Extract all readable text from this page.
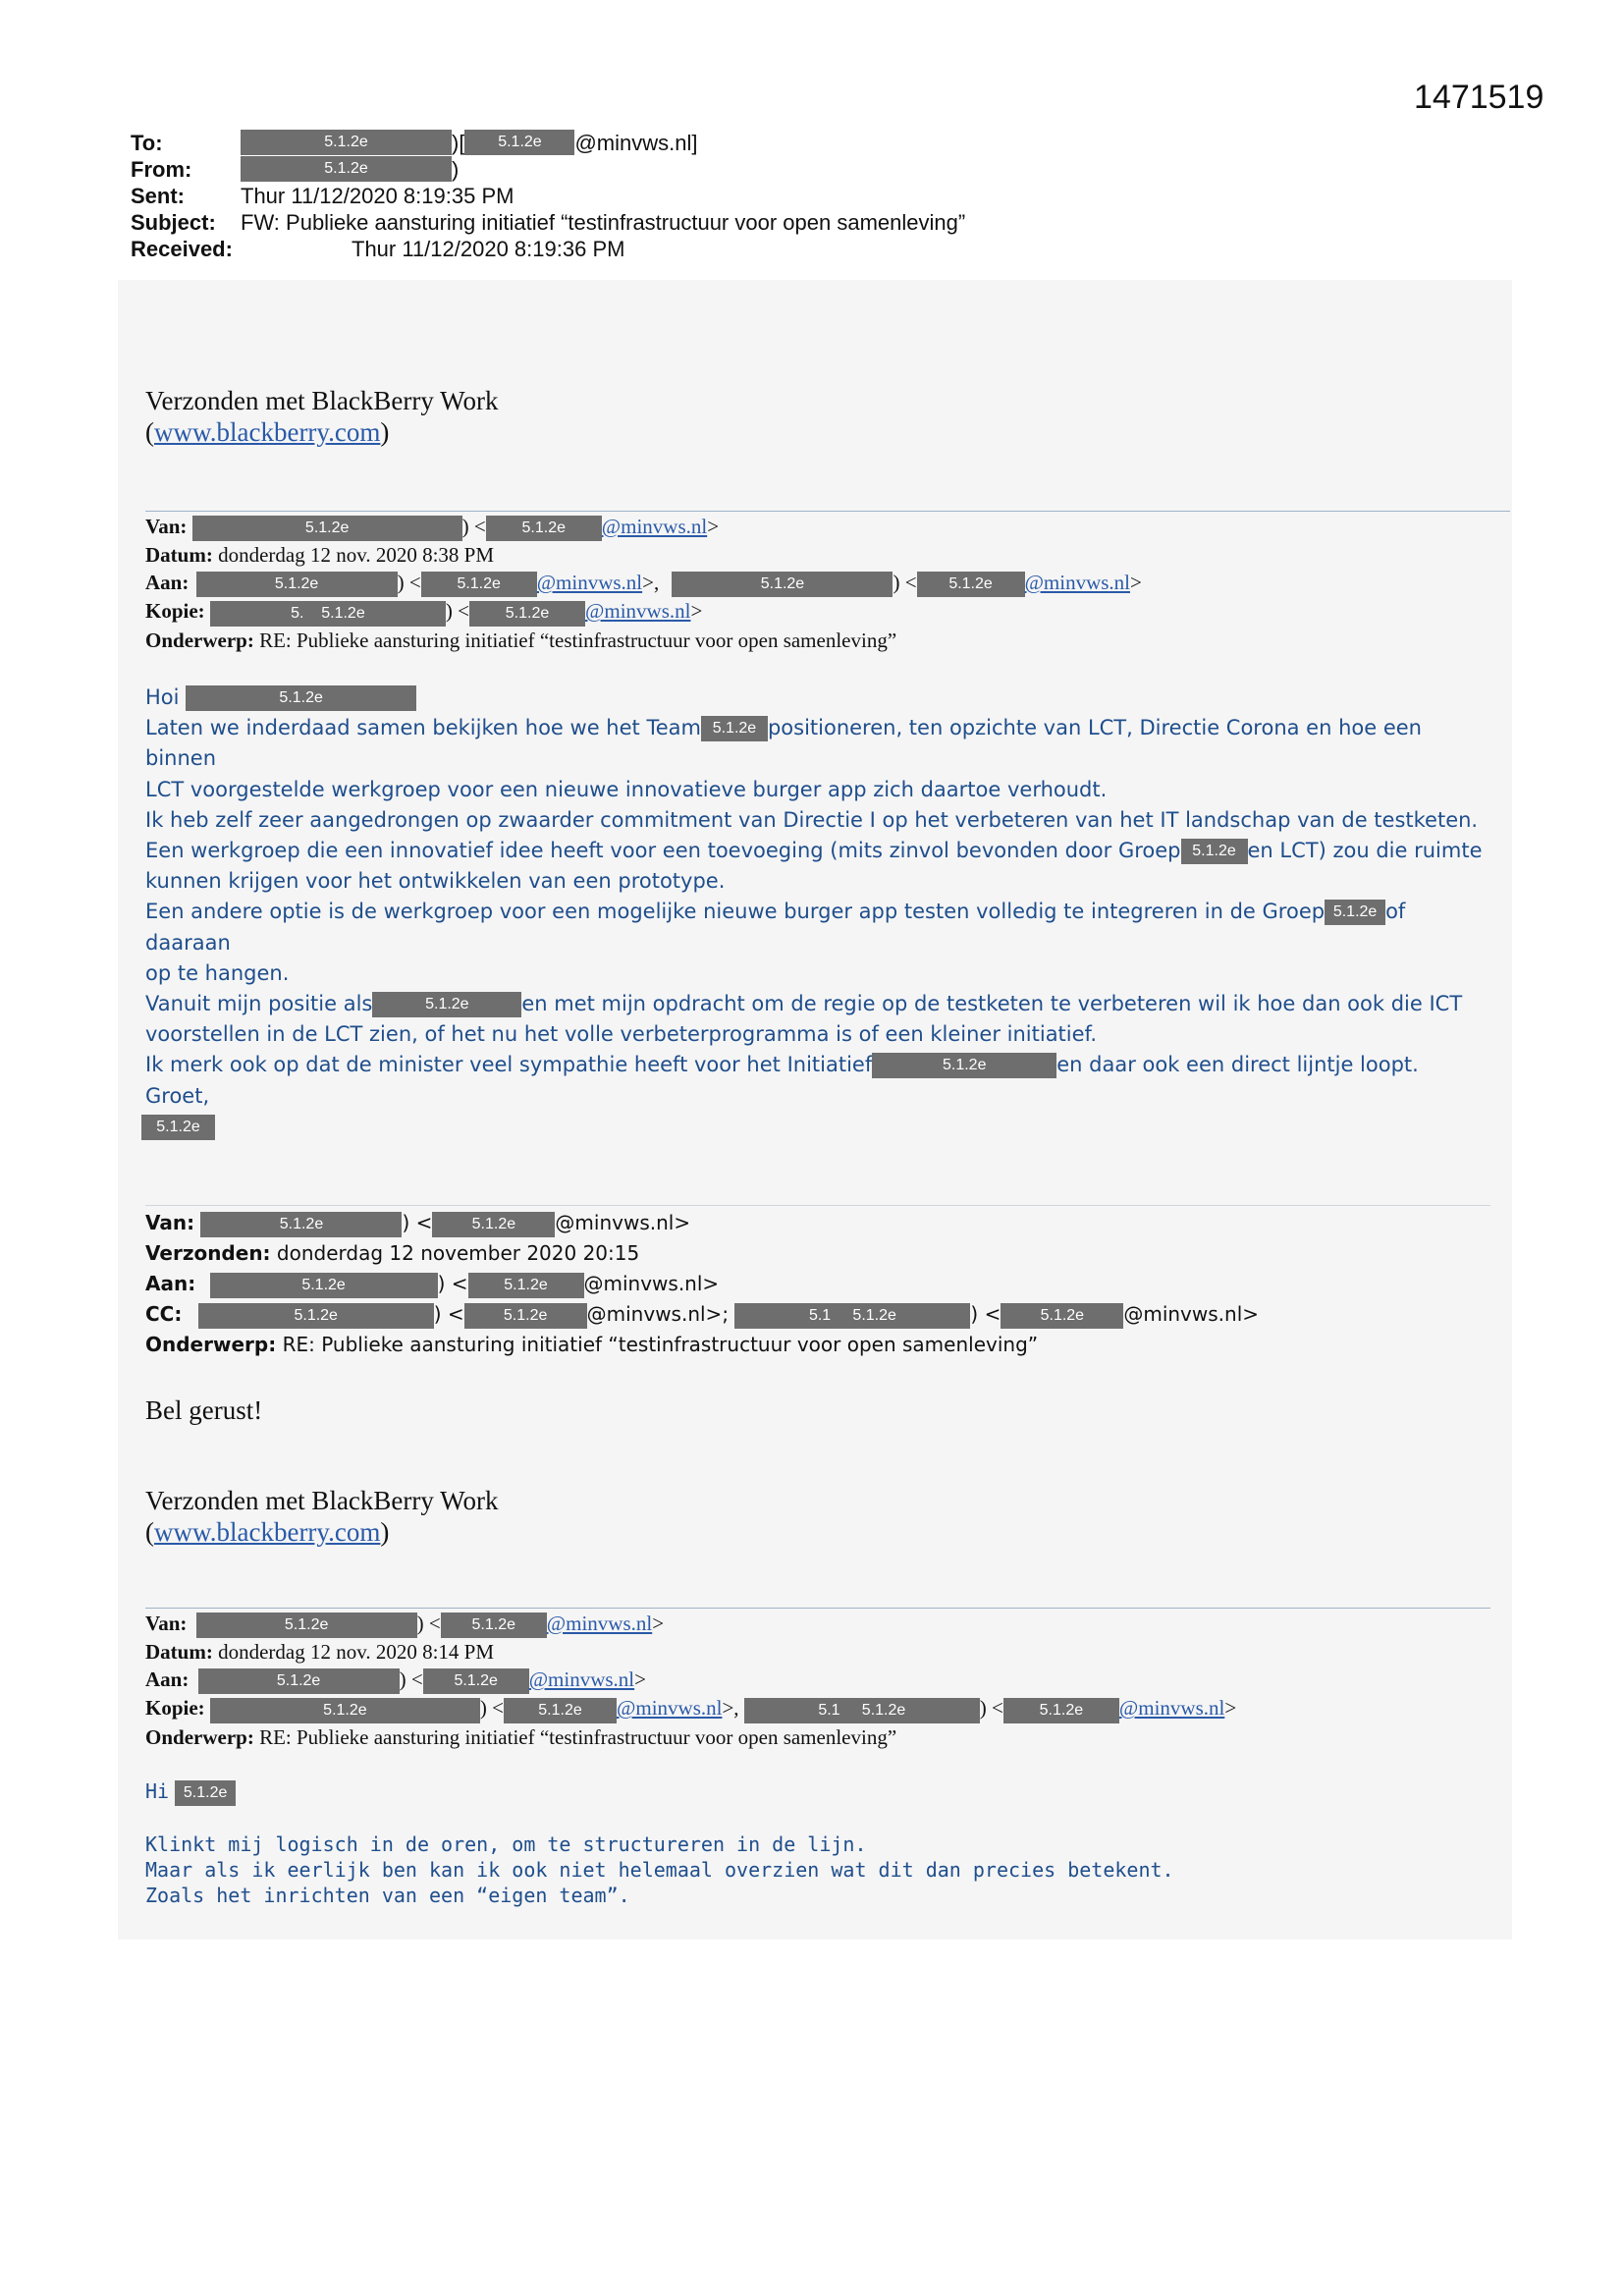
1471519
To:	5.1.2e	)[	5.1.2e	@minvws.nl]
From:	5.1.2e	)
Sent:	Thur 11/12/2020 8:19:35 PM
Subject:	FW: Publieke aansturing initiatief “testinfrastructuur voor open samenleving”
Received:	Thur 11/12/2020 8:19:36 PM
Verzonden met BlackBerry Work
(www.blackberry.com)
Van:	5.1.2e	) < 5.1.2e @minvws.nl>
Datum: donderdag 12 nov. 2020 8:38 PM
Aan:	5.1.2e	) < 5.1.2e @minvws.nl>,	5.1.2e	) < 5.1.2e @minvws.nl>
Kopie:	5. 5.1.2e	) < 5.1.2e @minvws.nl>
Onderwerp: RE: Publieke aansturing initiatief “testinfrastructuur voor open samenleving”
Hoi	5.1.2e
Laten we inderdaad samen bekijken hoe we het Team 5.1.2e positioneren, ten opzichte van LCT, Directie Corona en hoe een binnen
LCT voorgestelde werkgroep voor een nieuwe innovatieve burger app zich daartoe verhoudt.
Ik heb zelf zeer aangedrongen op zwaarder commitment van Directie I op het verbeteren van het IT landschap van de testketen.
Een werkgroep die een innovatief idee heeft voor een toevoeging (mits zinvol bevonden door Groep 5.1.2e en LCT) zou die ruimte
kunnen krijgen voor het ontwikkelen van een prototype.
Een andere optie is de werkgroep voor een mogelijke nieuwe burger app testen volledig te integreren in de Groep 5.1.2e of daaraan
op te hangen.
Vanuit mijn positie als	5.1.2e	en met mijn opdracht om de regie op de testketen te verbeteren wil ik hoe dan ook die ICT
voorstellen in de LCT zien, of het nu het volle verbeterprogramma is of een kleiner initiatief.
Ik merk ook op dat de minister veel sympathie heeft voor het Initiatief	5.1.2e	en daar ook een direct lijntje loopt.
Groet,
5.1.2e
Van:	5.1.2e	) <	5.1.2e @minvws.nl>
Verzonden: donderdag 12 november 2020 20:15
Aan:	5.1.2e	) < 5.1.2e @minvws.nl>
CC:	5.1.2e	) <	5.1.2e @minvws.nl>;	5.1 5.1.2e	) <	5.1.2e @minvws.nl>
Onderwerp: RE: Publieke aansturing initiatief “testinfrastructuur voor open samenleving”
Bel gerust!
Verzonden met BlackBerry Work
(www.blackberry.com)
Van:	5.1.2e	) < 5.1.2e @minvws.nl>
Datum: donderdag 12 nov. 2020 8:14 PM
Aan:	5.1.2e	) < 5.1.2e @minvws.nl>
Kopie:	5.1.2e	) < 5.1.2e @minvws.nl>,	5.1 5.1.2e	) < 5.1.2e @minvws.nl>
Onderwerp: RE: Publieke aansturing initiatief “testinfrastructuur voor open samenleving”
Hi 5.1.2e
Klinkt mij logisch in de oren, om te structureren in de lijn.
Maar als ik eerlijk ben kan ik ook niet helemaal overzien wat dit dan precies betekent.
Zoals het inrichten van een “eigen team”.
